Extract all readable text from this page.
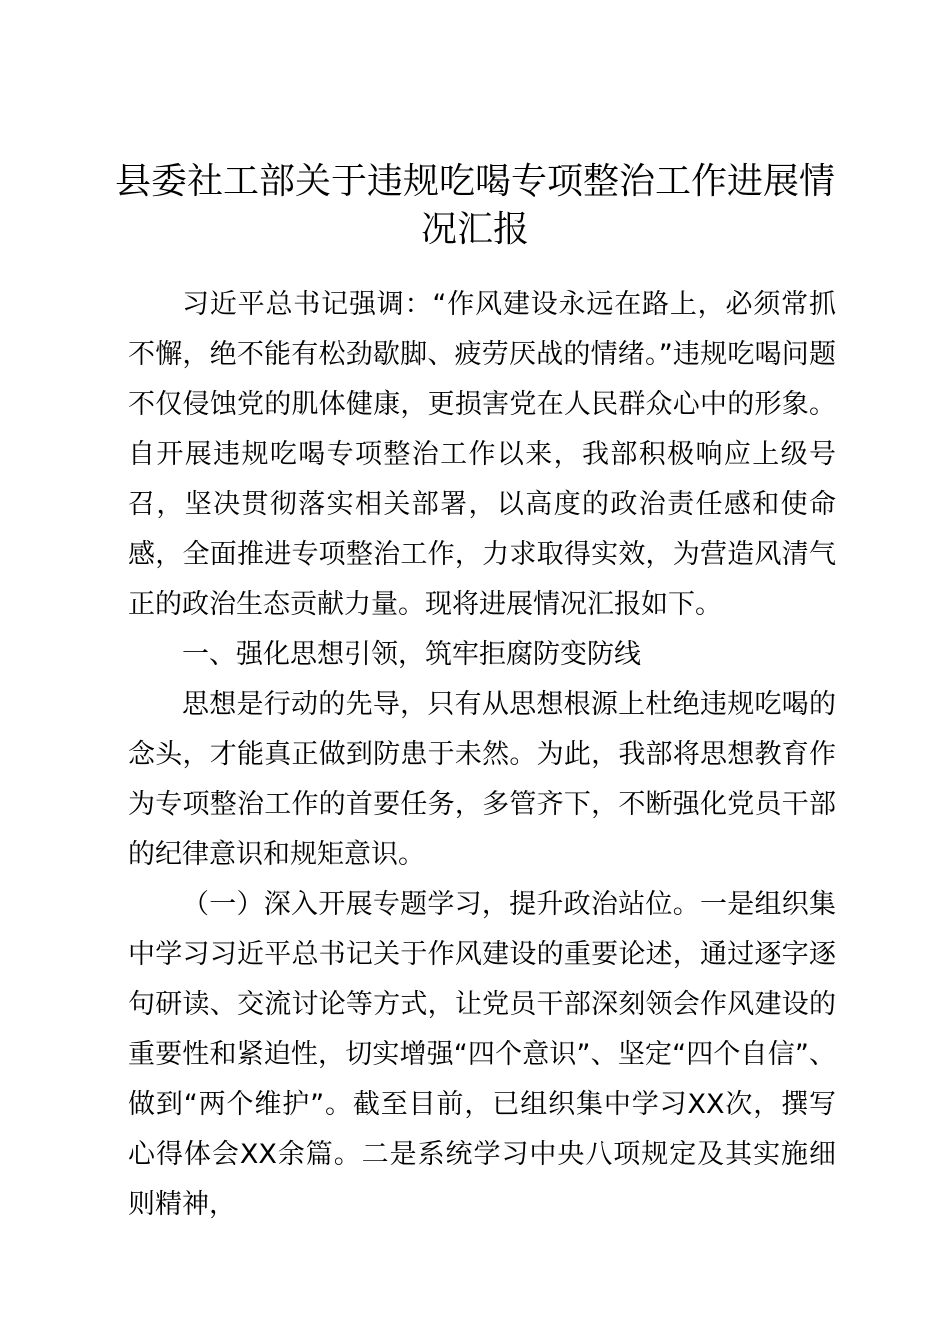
县委社工部关于违规吃喝专项整治工作进展情况汇报

习近平总书记强调：“作风建设永远在路上，必须常抓不懈，绝不能有松劲歇脚、疲劳厌战的情绪。”违规吃喝问题不仅侵蚀党的肌体健康，更损害党在人民群众心中的形象。自开展违规吃喝专项整治工作以来，我部积极响应上级号召，坚决贯彻落实相关部署，以高度的政治责任感和使命感，全面推进专项整治工作，力求取得实效，为营造风清气正的政治生态贡献力量。现将进展情况汇报如下。

一、强化思想引领，筑牢拒腐防变防线

思想是行动的先导，只有从思想根源上杜绝违规吃喝的念头，才能真正做到防患于未然。为此，我部将思想教育作为专项整治工作的首要任务，多管齐下，不断强化党员干部的纪律意识和规矩意识。

（一）深入开展专题学习，提升政治站位。一是组织集中学习习近平总书记关于作风建设的重要论述，通过逐字逐句研读、交流讨论等方式，让党员干部深刻领会作风建设的重要性和紧迫性，切实增强“四个意识”、坚定“四个自信”、做到“两个维护”。截至目前，已组织集中学习XX次，撰写心得体会XX余篇。二是系统学习中央八项规定及其实施细则精神，
